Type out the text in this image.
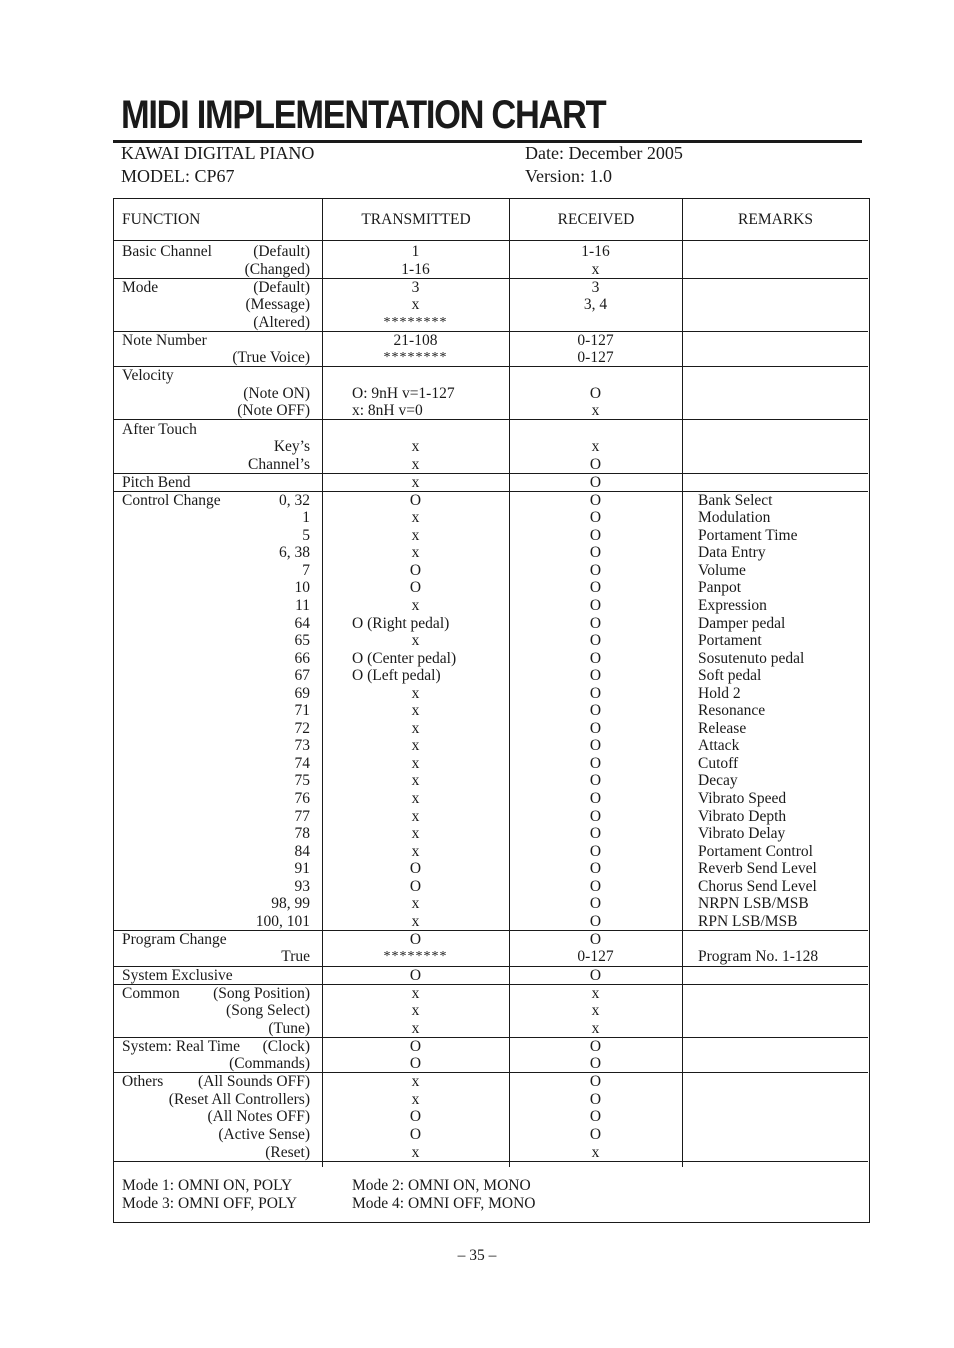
MIDI IMPLEMENTATION CHART
KAWAI DIGITAL PIANO
MODEL: CP67
Date: December 2005
Version: 1.0
FUNCTION	TRANSMITTED	RECEIVED	REMARKS
Basic Channel	(Default)	1	1-16
(Changed)	1-16	x
Mode	(Default)	3	3
(Message)	x	3, 4
(Altered)	********
Note Number	21-108	0-127
(True Voice)	********	0-127
Velocity
(Note ON)	O: 9nH v=1-127	O
(Note OFF)	x: 8nH v=0	x
After Touch
Key’s	x	x
Channel’s	x	O
Pitch Bend	x	O
Control Change	0, 32	O	O	Bank Select
1	x	O	Modulation
5	x	O	Portament Time
6, 38	x	O	Data Entry
7	O	O	Volume
10	O	O	Panpot
11	x	O	Expression
64	O (Right pedal)	O	Damper pedal
65	x	O	Portament
66	O (Center pedal)	O	Sosutenuto pedal
67	O (Left pedal)	O	Soft pedal
69	x	O	Hold 2
71	x	O	Resonance
72	x	O	Release
73	x	O	Attack
74	x	O	Cutoff
75	x	O	Decay
76	x	O	Vibrato Speed
77	x	O	Vibrato Depth
78	x	O	Vibrato Delay
84	x	O	Portament Control
91	O	O	Reverb Send Level
93	O	O	Chorus Send Level
98, 99	x	O	NRPN LSB/MSB
100, 101	x	O	RPN LSB/MSB
Program Change	O	O
True	********	0-127	Program No. 1-128
System Exclusive	O	O
Common	(Song Position)	x	x
(Song Select)	x	x
(Tune)	x	x
System: Real Time	(Clock)	O	O
(Commands)	O	O
Others	(All Sounds OFF)	x	O
(Reset All Controllers)	x	O
(All Notes OFF)	O	O
(Active Sense)	O	O
(Reset)	x	x
Mode 1: OMNI ON, POLY	Mode 2: OMNI ON, MONO
Mode 3: OMNI OFF, POLY	Mode 4: OMNI OFF, MONO
– 35 –
